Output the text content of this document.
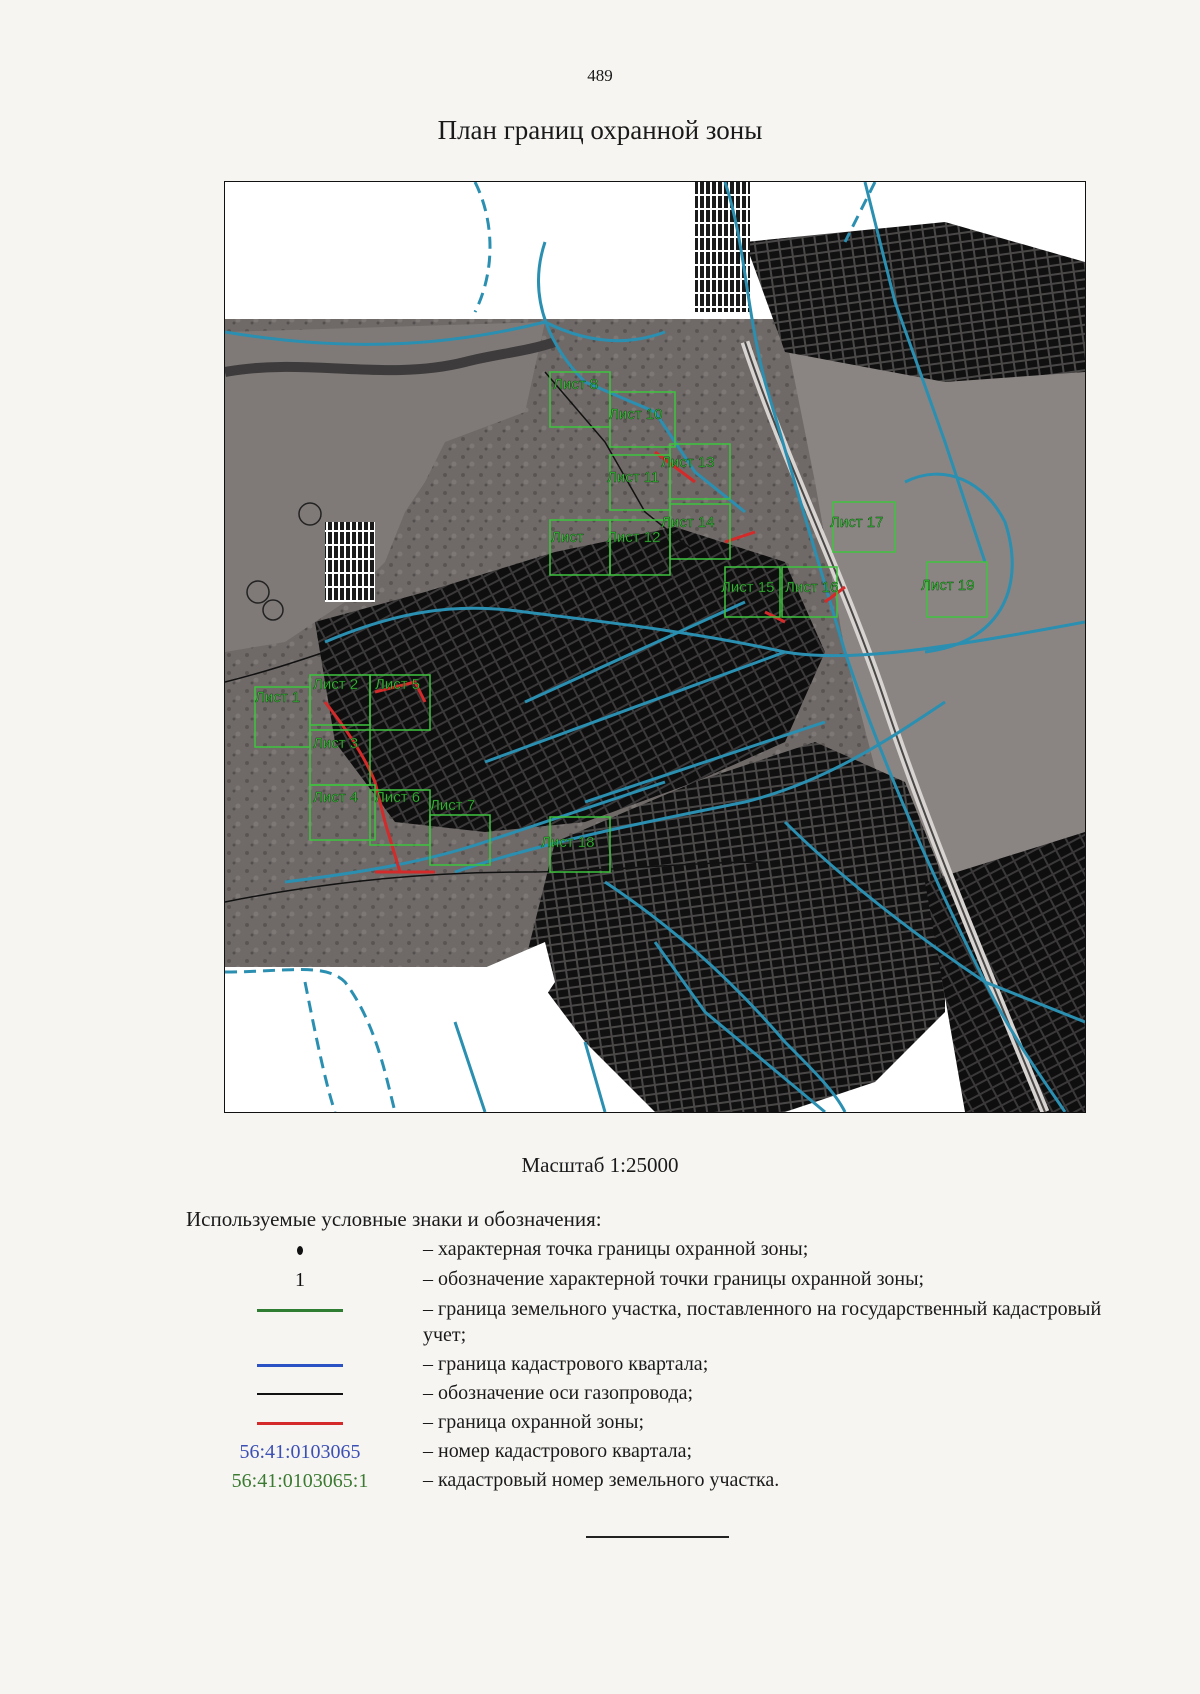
489
План границ охранной зоны
Лист 1
Лист 2
Лист 3
Лист 4
Лист 5
Лист 6 Лист 7
Лист 8
Лист 10
Лист 11
Лист 12
Лист 13
Лист 14
Лист 15 Лист 16
Лист 17
Лист 18
Лист 19
Лист
Масштаб 1:25000
Используемые условные знаки и обозначения:
– характерная точка границы охранной зоны;
1	– обозначение характерной точки границы охранной зоны;
– граница земельного участка, поставленного на государственный кадастровый учет;
– граница кадастрового квартала;
– обозначение оси газопровода;
– граница охранной зоны;
56:41:0103065	– номер кадастрового квартала;
56:41:0103065:1	– кадастровый номер земельного участка.
